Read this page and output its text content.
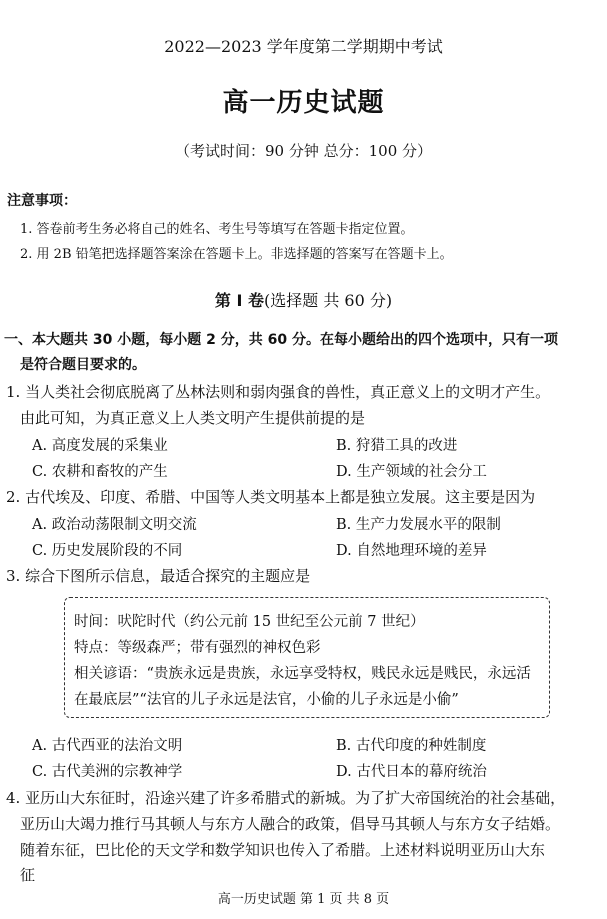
2022—2023 学年度第二学期期中考试
高一历史试题
（考试时间：90 分钟 总分：100 分）
注意事项：
1. 答卷前考生务必将自己的姓名、考生号等填写在答题卡指定位置。
2. 用 2B 铅笔把选择题答案涂在答题卡上。非选择题的答案写在答题卡上。
第 I 卷(选择题 共 60 分)
一、本大题共 30 小题，每小题 2 分，共 60 分。在每小题给出的四个选项中，只有一项
是符合题目要求的。
1. 当人类社会彻底脱离了丛林法则和弱肉强食的兽性，真正意义上的文明才产生。
由此可知，为真正意义上人类文明产生提供前提的是
A. 高度发展的采集业	B. 狩猎工具的改进
C. 农耕和畜牧的产生	D. 生产领域的社会分工
2. 古代埃及、印度、希腊、中国等人类文明基本上都是独立发展。这主要是因为
A. 政治动荡限制文明交流	B. 生产力发展水平的限制
C. 历史发展阶段的不同	D. 自然地理环境的差异
3. 综合下图所示信息，最适合探究的主题应是
时间：吠陀时代（约公元前 15 世纪至公元前 7 世纪）
特点：等级森严；带有强烈的神权色彩
相关谚语：“贵族永远是贵族，永远享受特权，贱民永远是贱民，永远活
在最底层”“法官的儿子永远是法官，小偷的儿子永远是小偷”
A. 古代西亚的法治文明	B. 古代印度的种姓制度
C. 古代美洲的宗教神学	D. 古代日本的幕府统治
4. 亚历山大东征时，沿途兴建了许多希腊式的新城。为了扩大帝国统治的社会基础，
亚历山大竭力推行马其顿人与东方人融合的政策，倡导马其顿人与东方女子结婚。
随着东征，巴比伦的天文学和数学知识也传入了希腊。上述材料说明亚历山大东
征
高一历史试题 第 1 页 共 8 页
